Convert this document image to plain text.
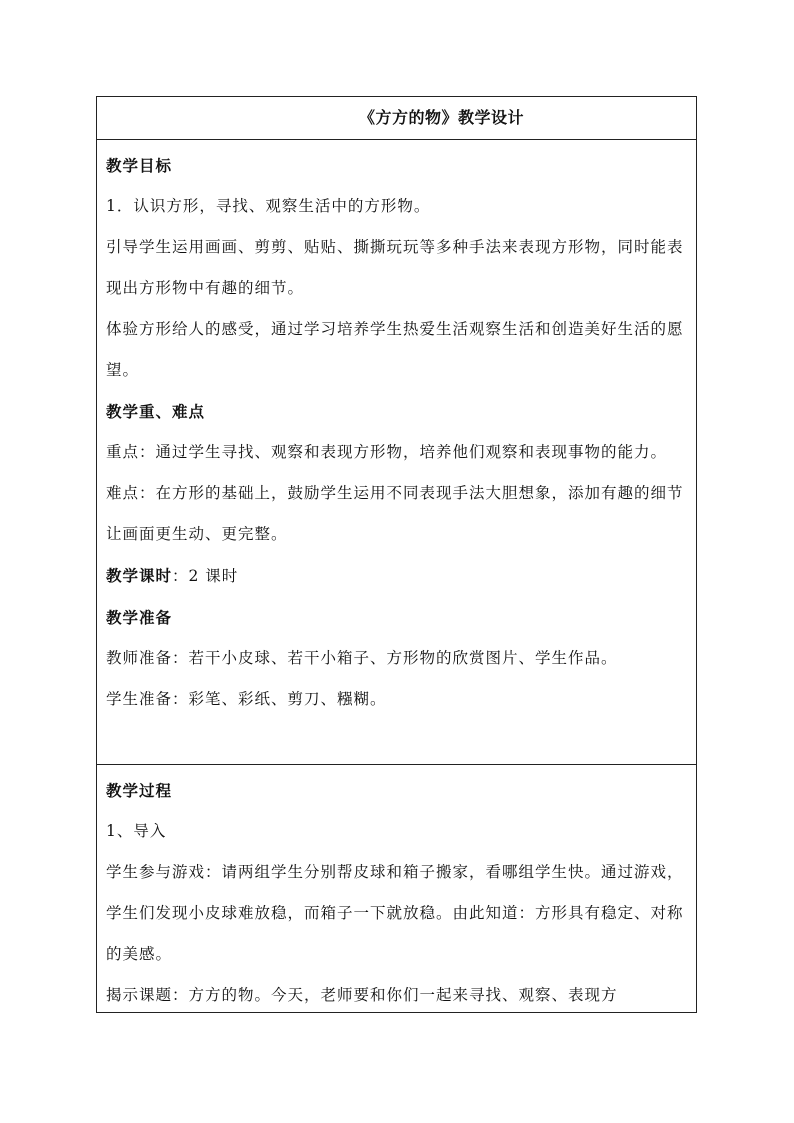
《方方的物》教学设计
教学目标
1．认识方形，寻找、观察生活中的方形物。
引导学生运用画画、剪剪、贴贴、撕撕玩玩等多种手法来表现方形物，同时能表现出方形物中有趣的细节。
体验方形给人的感受，通过学习培养学生热爱生活观察生活和创造美好生活的愿望。
教学重、难点
重点：通过学生寻找、观察和表现方形物，培养他们观察和表现事物的能力。
难点：在方形的基础上，鼓励学生运用不同表现手法大胆想象，添加有趣的细节让画面更生动、更完整。
教学课时：2 课时
教学准备
教师准备：若干小皮球、若干小箱子、方形物的欣赏图片、学生作品。
学生准备：彩笔、彩纸、剪刀、糨糊。
教学过程
1、导入
学生参与游戏：请两组学生分别帮皮球和箱子搬家，看哪组学生快。通过游戏，学生们发现小皮球难放稳，而箱子一下就放稳。由此知道：方形具有稳定、对称的美感。
揭示课题：方方的物。今天，老师要和你们一起来寻找、观察、表现方
